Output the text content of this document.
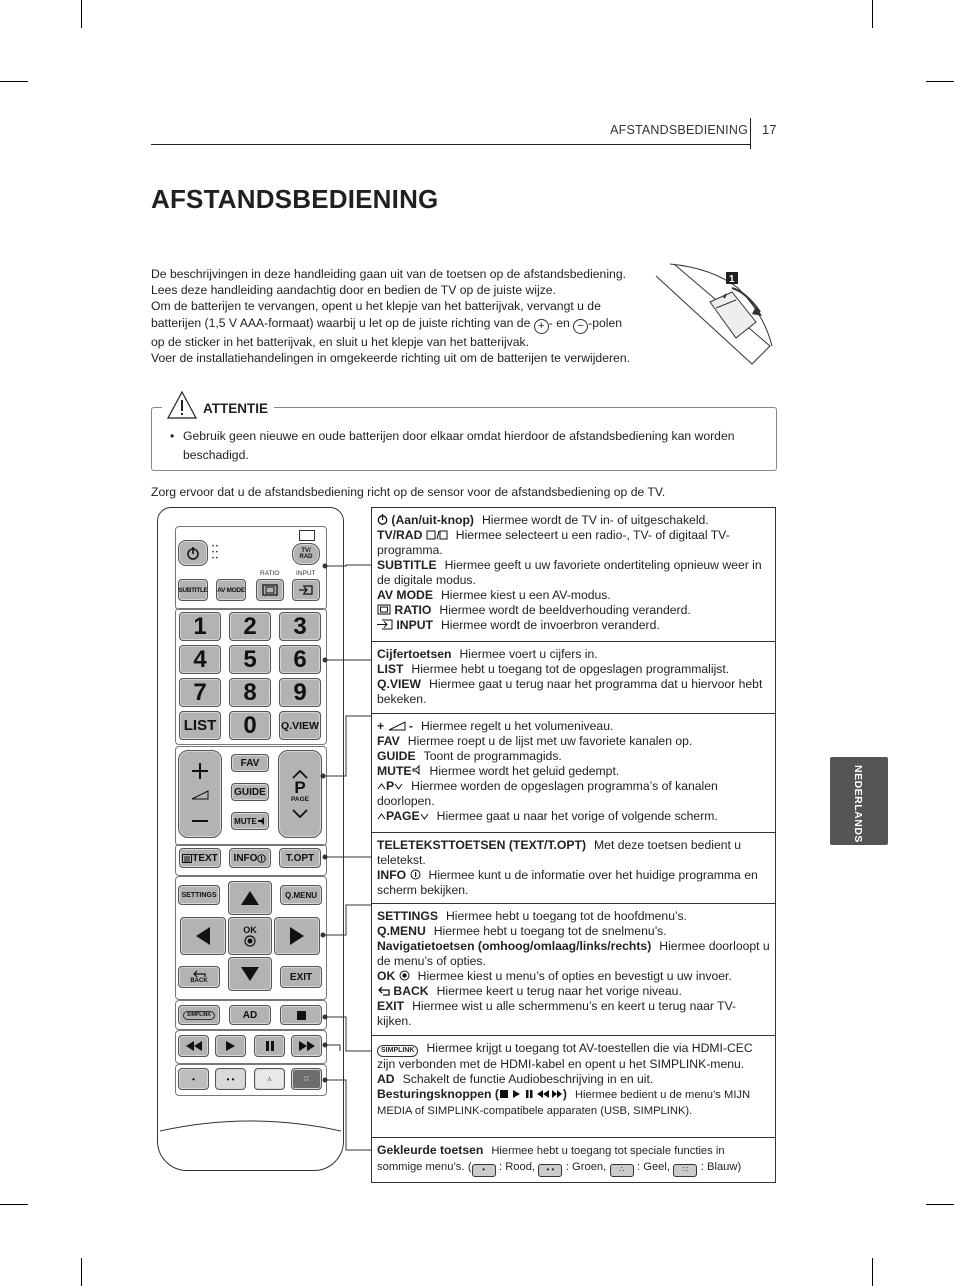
AFSTANDSBEDIENING 17
AFSTANDSBEDIENING

De beschrijvingen in deze handleiding gaan uit van de toetsen op de afstandsbediening.

Lees deze handleiding aandachtig door en bedien de TV op de juiste wijze.

Om de batterijen te vervangen, opent u het klepje van het batterijvak, vervangt u de

batterijen (1,5 V AAA-formaat) waarbij u let op de juiste richting van de + - en − -polen

op de sticker in het batterijvak, en sluit u het klepje van het batterijvak.

Voer de installatiehandelingen in omgekeerde richting uit om de batterijen te verwijderen.

1
ATTENTIE
• Gebruik geen nieuwe en oude batterijen door elkaar omdat hierdoor de afstandsbediening kan worden beschadigd.
Zorg ervoor dat u de afstandsbediening richt op de sensor voor de afstandsbediening op de TV.
• •
• •
• •
TV/
RAD
RATIO	INPUT
SUBTITLE AV MODE
1	2	3
4	5	6
7	8	9
LIST	0	Q.VIEW
FAV
GUIDE
MUTE
P
PAGE
TEXT INFO	T.OPT
SETTINGS	Q.MENU
OK
BACK	EXIT
SIMPLINK	AD
•	• •	∴	∷
(Aan/uit-knop) Hiermee wordt de TV in- of uitgeschakeld.
TV/RAD	Hiermee selecteert u een radio-, TV- of digitaal TV-programma.
SUBTITLE Hiermee geeft u uw favoriete ondertiteling opnieuw weer in de digitale modus.
AV MODE Hiermee kiest u een AV-modus.
RATIO Hiermee wordt de beeldverhouding veranderd.
INPUT Hiermee wordt de invoerbron veranderd.
Cijfertoetsen Hiermee voert u cijfers in.
LIST Hiermee hebt u toegang tot de opgeslagen programmalijst.
Q.VIEW Hiermee gaat u terug naar het programma dat u hiervoor hebt bekeken.
+ - Hiermee regelt u het volumeniveau.
FAV Hiermee roept u de lijst met uw favoriete kanalen op.
GUIDE Toont de programmagids.
MUTE Hiermee wordt het geluid gedempt.
P Hiermee worden de opgeslagen programma’s of kanalen doorlopen.
PAGE Hiermee gaat u naar het vorige of volgende scherm.
TELETEKSTTOETSEN (TEXT/T.OPT) Met deze toetsen bedient u teletekst.
INFO Hiermee kunt u de informatie over het huidige programma en scherm bekijken.
SETTINGS Hiermee hebt u toegang tot de hoofdmenu’s.
Q.MENU Hiermee hebt u toegang tot de snelmenu’s.
Navigatietoetsen (omhoog/omlaag/links/rechts) Hiermee doorloopt u de menu’s of opties.
OK Hiermee kiest u menu’s of opties en bevestigt u uw invoer.
BACK Hiermee keert u terug naar het vorige niveau.
EXIT Hiermee wist u alle schermmenu’s en keert u terug naar TV-kijken.
SIMPLINK Hiermee krijgt u toegang tot AV-toestellen die via HDMI-CEC zijn verbonden met de HDMI-kabel en opent u het SIMPLINK-menu.
AD Schakelt de functie Audiobeschrijving in en uit.
Besturingsknoppen (	) Hiermee bedient u de menu’s MIJN MEDIA of SIMPLINK-compatibele apparaten (USB, SIMPLINK).
Gekleurde toetsen Hiermee hebt u toegang tot speciale functies in sommige menu’s. ( • : Rood, • • : Groen, ∴ : Geel, ∷ : Blauw)
NEDERLANDS
